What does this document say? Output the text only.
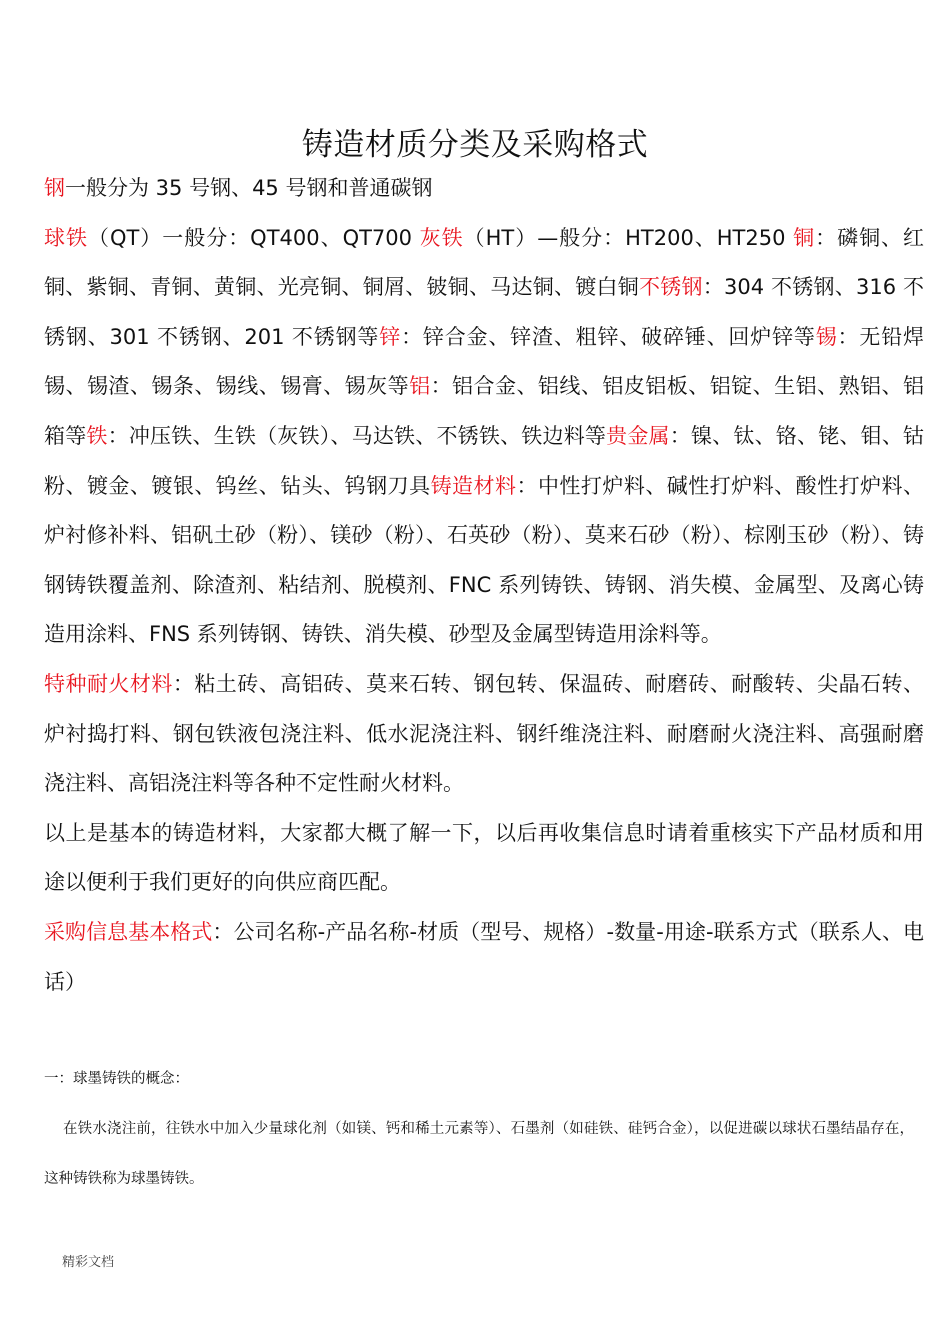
铸造材质分类及采购格式

钢一般分为 35 号钢、45 号钢和普通碳钢

球铁（QT）一般分：QT400、QT700 灰铁（HT）—般分：HT200、HT250 铜：磷铜、红铜、紫铜、青铜、黄铜、光亮铜、铜屑、铍铜、马达铜、镀白铜不锈钢：304 不锈钢、316 不锈钢、301 不锈钢、201 不锈钢等锌：锌合金、锌渣、粗锌、破碎锤、回炉锌等锡：无铅焊锡、锡渣、锡条、锡线、锡膏、锡灰等铝：铝合金、铝线、铝皮铝板、铝锭、生铝、熟铝、铝箱等铁：冲压铁、生铁（灰铁）、马达铁、不锈铁、铁边料等贵金属：镍、钛、铬、铑、钼、钴粉、镀金、镀银、钨丝、钻头、钨钢刀具铸造材料：中性打炉料、碱性打炉料、酸性打炉料、炉衬修补料、铝矾土砂（粉）、镁砂（粉）、石英砂（粉）、莫来石砂（粉）、棕刚玉砂（粉）、铸钢铸铁覆盖剂、除渣剂、粘结剂、脱模剂、FNC 系列铸铁、铸钢、消失模、金属型、及离心铸造用涂料、FNS 系列铸钢、铸铁、消失模、砂型及金属型铸造用涂料等。

特种耐火材料：粘土砖、高铝砖、莫来石转、钢包转、保温砖、耐磨砖、耐酸转、尖晶石转、炉衬捣打料、钢包铁液包浇注料、低水泥浇注料、钢纤维浇注料、耐磨耐火浇注料、高强耐磨浇注料、高铝浇注料等各种不定性耐火材料。

以上是基本的铸造材料，大家都大概了解一下，以后再收集信息时请着重核实下产品材质和用途以便利于我们更好的向供应商匹配。

采购信息基本格式：公司名称-产品名称-材质（型号、规格）-数量-用途-联系方式（联系人、电话）

一：球墨铸铁的概念：
在铁水浇注前，往铁水中加入少量球化剂（如镁、钙和稀土元素等）、石墨剂（如硅铁、硅钙合金），以促进碳以球状石墨结晶存在，这种铸铁称为球墨铸铁。
精彩文档
